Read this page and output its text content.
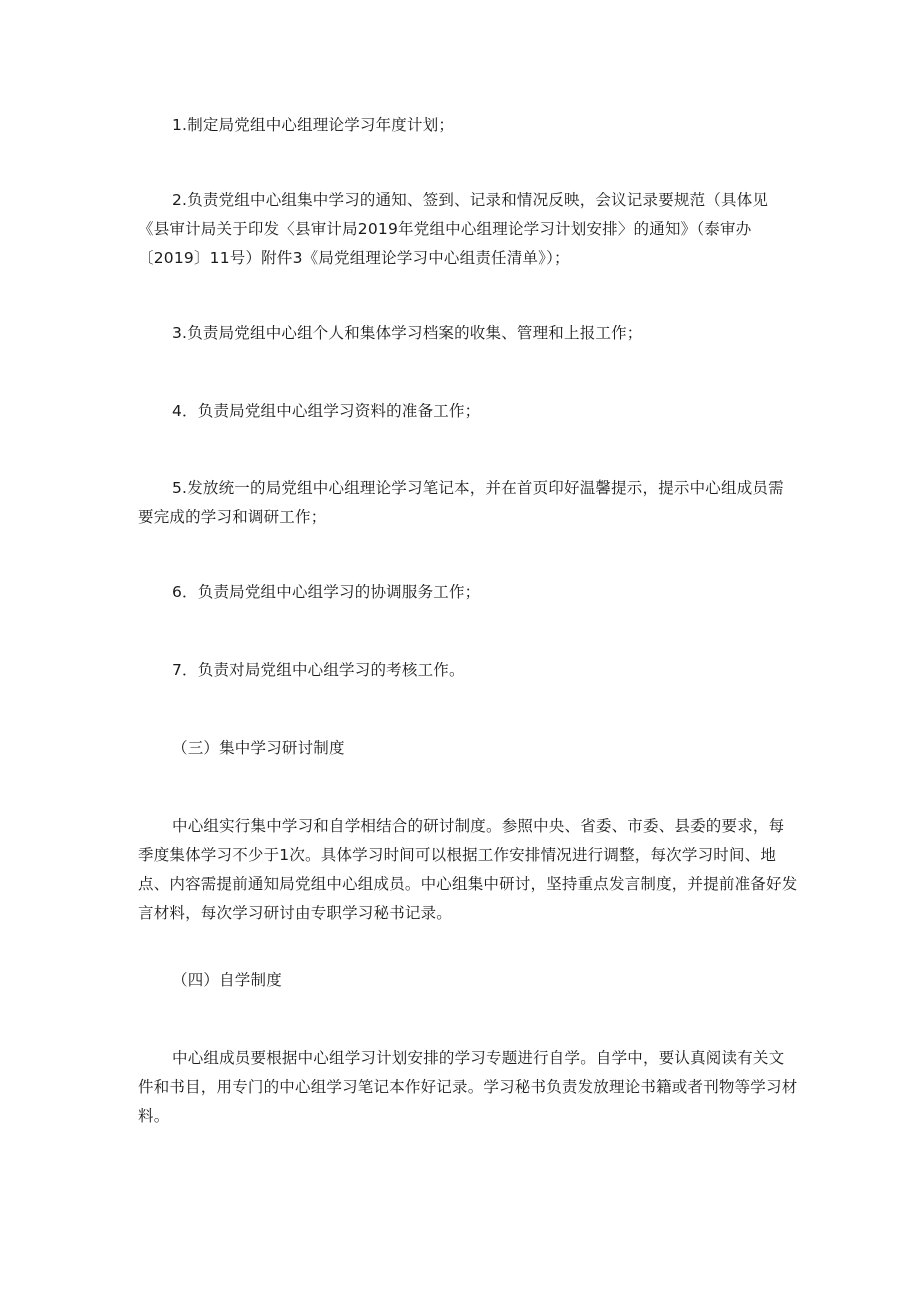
1.制定局党组中心组理论学习年度计划；

2.负责党组中心组集中学习的通知、签到、记录和情况反映，会议记录要规范（具体见《县审计局关于印发〈县审计局2019年党组中心组理论学习计划安排〉的通知》（泰审办〔2019〕11号）附件3《局党组理论学习中心组责任清单》）；

3.负责局党组中心组个人和集体学习档案的收集、管理和上报工作；

4．负责局党组中心组学习资料的准备工作；

5.发放统一的局党组中心组理论学习笔记本，并在首页印好温馨提示，提示中心组成员需要完成的学习和调研工作；

6．负责局党组中心组学习的协调服务工作；

7．负责对局党组中心组学习的考核工作。

（三）集中学习研讨制度

中心组实行集中学习和自学相结合的研讨制度。参照中央、省委、市委、县委的要求，每季度集体学习不少于1次。具体学习时间可以根据工作安排情况进行调整，每次学习时间、地点、内容需提前通知局党组中心组成员。中心组集中研讨，坚持重点发言制度，并提前准备好发言材料，每次学习研讨由专职学习秘书记录。

（四）自学制度

中心组成员要根据中心组学习计划安排的学习专题进行自学。自学中，要认真阅读有关文件和书目，用专门的中心组学习笔记本作好记录。学习秘书负责发放理论书籍或者刊物等学习材料。
